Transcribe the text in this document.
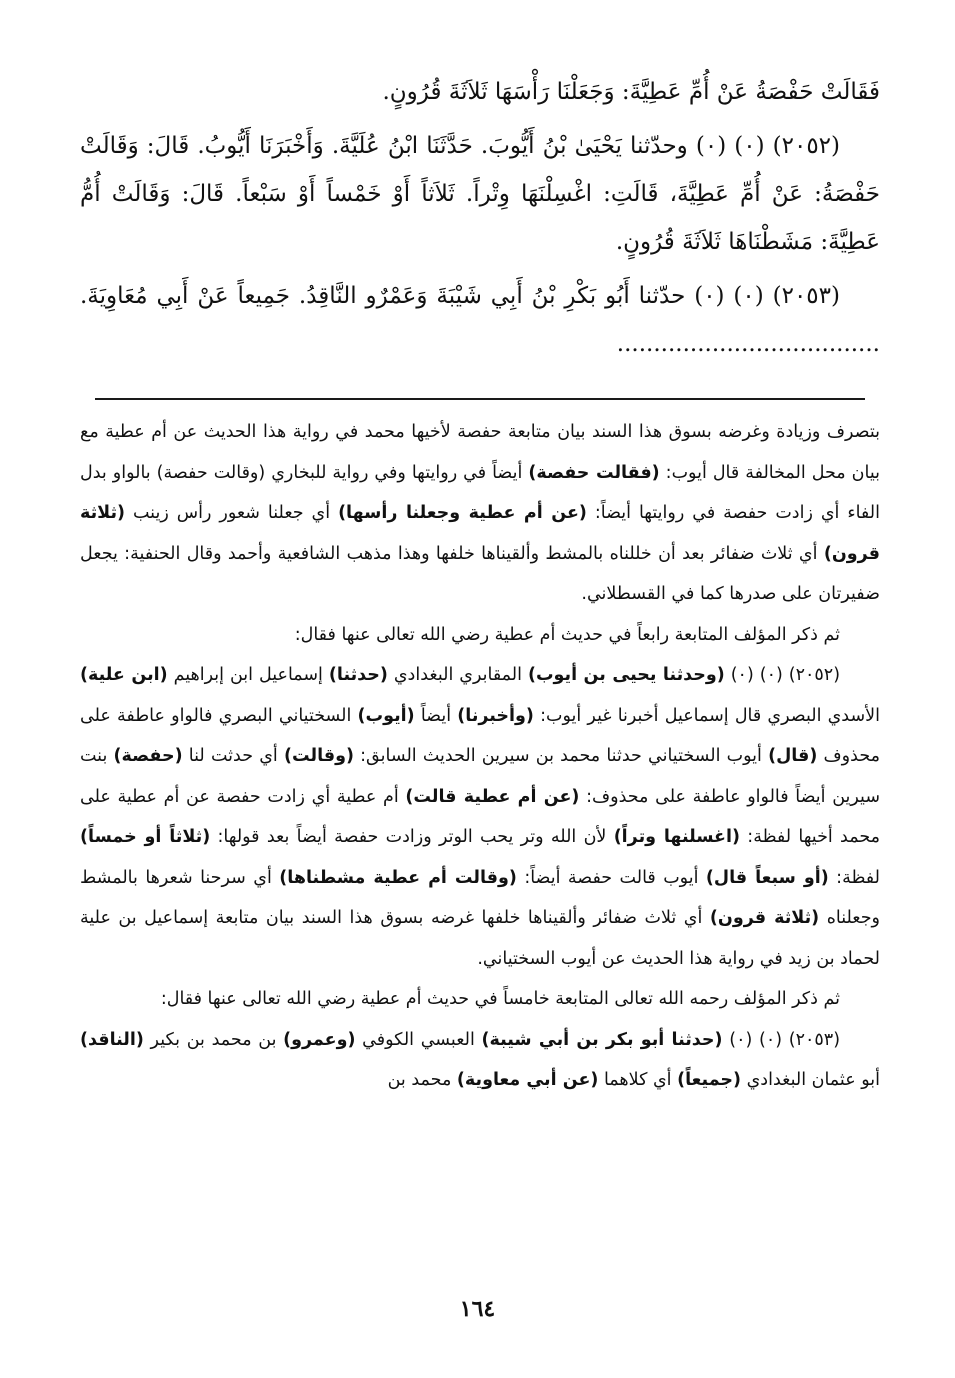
فَقَالَتْ حَفْصَةُ عَنْ أُمِّ عَطِيَّةَ: وَجَعَلْنَا رَأْسَهَا ثَلاَثَةَ قُرُونٍ.

(٢٠٥٢) (٠) (٠) وحدّثنا يَحْيَىٰ بْنُ أَيُّوبَ. حَدَّثَنَا ابْنُ عُلَيَّةَ. وَأَخْبَرَنَا أَيُّوبُ. قَالَ: وَقَالَتْ حَفْصَةُ: عَنْ أُمِّ عَطِيَّةَ، قَالَتِ: اغْسِلْنَهَا وِتْراً. ثَلاَثاً أَوْ خَمْساً أَوْ سَبْعاً. قَالَ: وَقَالَتْ أُمُّ عَطِيَّةَ: مَشَطْنَاهَا ثَلاَثَةَ قُرُونٍ.

(٢٠٥٣) (٠) (٠) حدّثنا أَبُو بَكْرِ بْنُ أَبِي شَيْبَةَ وَعَمْرٌو النَّاقِدُ. جَمِيعاً عَنْ أَبِي مُعَاوِيَةَ. ....................................

بتصرف وزيادة وغرضه بسوق هذا السند بيان متابعة حفصة لأخيها محمد في رواية هذا الحديث عن أم عطية مع بيان محل المخالفة قال أيوب: (فقالت حفصة) أيضاً في روايتها وفي رواية للبخاري (وقالت حفصة) بالواو بدل الفاء أي زادت حفصة في روايتها أيضاً: (عن أم عطية وجعلنا رأسها) أي جعلنا شعور رأس زينب (ثلاثة قرون) أي ثلاث ضفائر بعد أن خللناه بالمشط وألقيناها خلفها وهذا مذهب الشافعية وأحمد وقال الحنفية: يجعل ضفيرتان على صدرها كما في القسطلاني.

ثم ذكر المؤلف المتابعة رابعاً في حديث أم عطية رضي الله تعالى عنها فقال:

(٢٠٥٢) (٠) (٠) (وحدثنا يحيى بن أيوب) المقابري البغدادي (حدثنا) إسماعيل ابن إبراهيم (ابن علية) الأسدي البصري قال إسماعيل أخبرنا غير أيوب: (وأخبرنا) أيضاً (أيوب) السختياني البصري فالواو عاطفة على محذوف (قال) أيوب السختياني حدثنا محمد بن سيرين الحديث السابق: (وقالت) أي حدثت لنا (حفصة) بنت سيرين أيضاً فالواو عاطفة على محذوف: (عن أم عطية قالت) أم عطية أي زادت حفصة عن أم عطية على محمد أخيها لفظة: (اغسلنها وتراً) لأن الله وتر يحب الوتر وزادت حفصة أيضاً بعد قولها: (ثلاثاً أو خمساً) لفظة: (أو سبعاً قال) أيوب قالت حفصة أيضاً: (وقالت أم عطية مشطناها) أي سرحنا شعرها بالمشط وجعلناه (ثلاثة قرون) أي ثلاث ضفائر وألقيناها خلفها غرضه بسوق هذا السند بيان متابعة إسماعيل بن علية لحماد بن زيد في رواية هذا الحديث عن أيوب السختياني.

ثم ذكر المؤلف رحمه الله تعالى المتابعة خامساً في حديث أم عطية رضي الله تعالى عنها فقال:

(٢٠٥٣) (٠) (٠) (حدثنا أبو بكر بن أبي شيبة) العبسي الكوفي (وعمرو) بن محمد بن بكير (الناقد) أبو عثمان البغدادي (جميعاً) أي كلاهما (عن أبي معاوية) محمد بن

١٦٤
